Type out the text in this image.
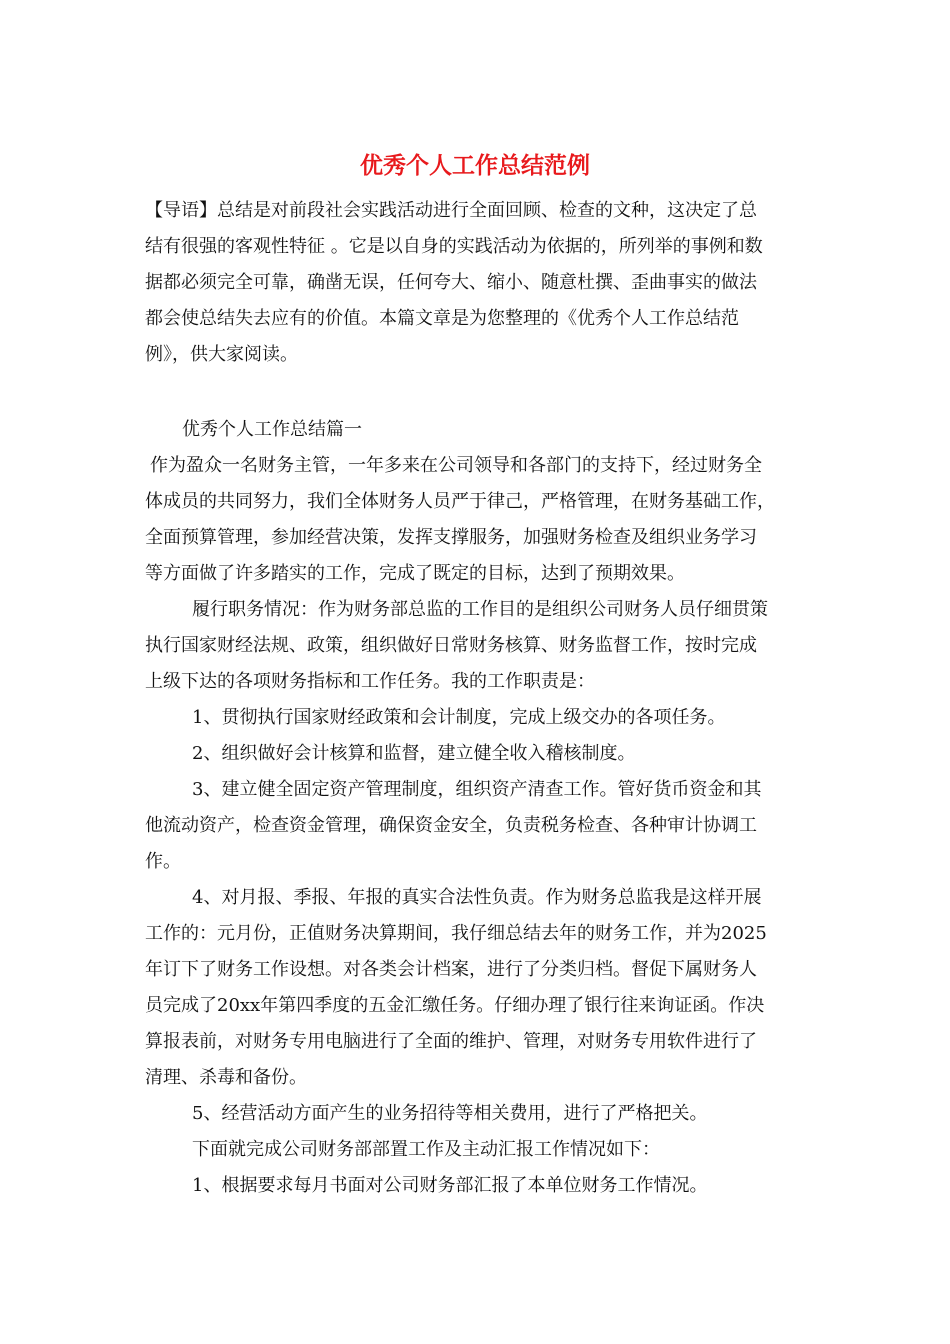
优秀个人工作总结范例
【导语】总结是对前段社会实践活动进行全面回顾、检查的文种，这决定了总
结有很强的客观性特征 。它是以自身的实践活动为依据的，所列举的事例和数
据都必须完全可靠，确凿无误，任何夸大、缩小、随意杜撰、歪曲事实的做法
都会使总结失去应有的价值。本篇文章是为您整理的《优秀个人工作总结范
例》，供大家阅读。
优秀个人工作总结篇一
作为盈众一名财务主管，一年多来在公司领导和各部门的支持下，经过财务全
体成员的共同努力，我们全体财务人员严于律己，严格管理，在财务基础工作，
全面预算管理，参加经营决策，发挥支撑服务，加强财务检查及组织业务学习
等方面做了许多踏实的工作，完成了既定的目标，达到了预期效果。
履行职务情况：作为财务部总监的工作目的是组织公司财务人员仔细贯策
执行国家财经法规、政策，组织做好日常财务核算、财务监督工作，按时完成
上级下达的各项财务指标和工作任务。我的工作职责是：
1、贯彻执行国家财经政策和会计制度，完成上级交办的各项任务。
2、组织做好会计核算和监督，建立健全收入稽核制度。
3、建立健全固定资产管理制度，组织资产清查工作。管好货币资金和其
他流动资产，检查资金管理，确保资金安全，负责税务检查、各种审计协调工
作。
4、对月报、季报、年报的真实合法性负责。作为财务总监我是这样开展
工作的：元月份，正值财务决算期间，我仔细总结去年的财务工作，并为2025
年订下了财务工作设想。对各类会计档案，进行了分类归档。督促下属财务人
员完成了20xx年第四季度的五金汇缴任务。仔细办理了银行往来询证函。作决
算报表前，对财务专用电脑进行了全面的维护、管理，对财务专用软件进行了
清理、杀毒和备份。
5、经营活动方面产生的业务招待等相关费用，进行了严格把关。
下面就完成公司财务部部置工作及主动汇报工作情况如下：
1、根据要求每月书面对公司财务部汇报了本单位财务工作情况。
